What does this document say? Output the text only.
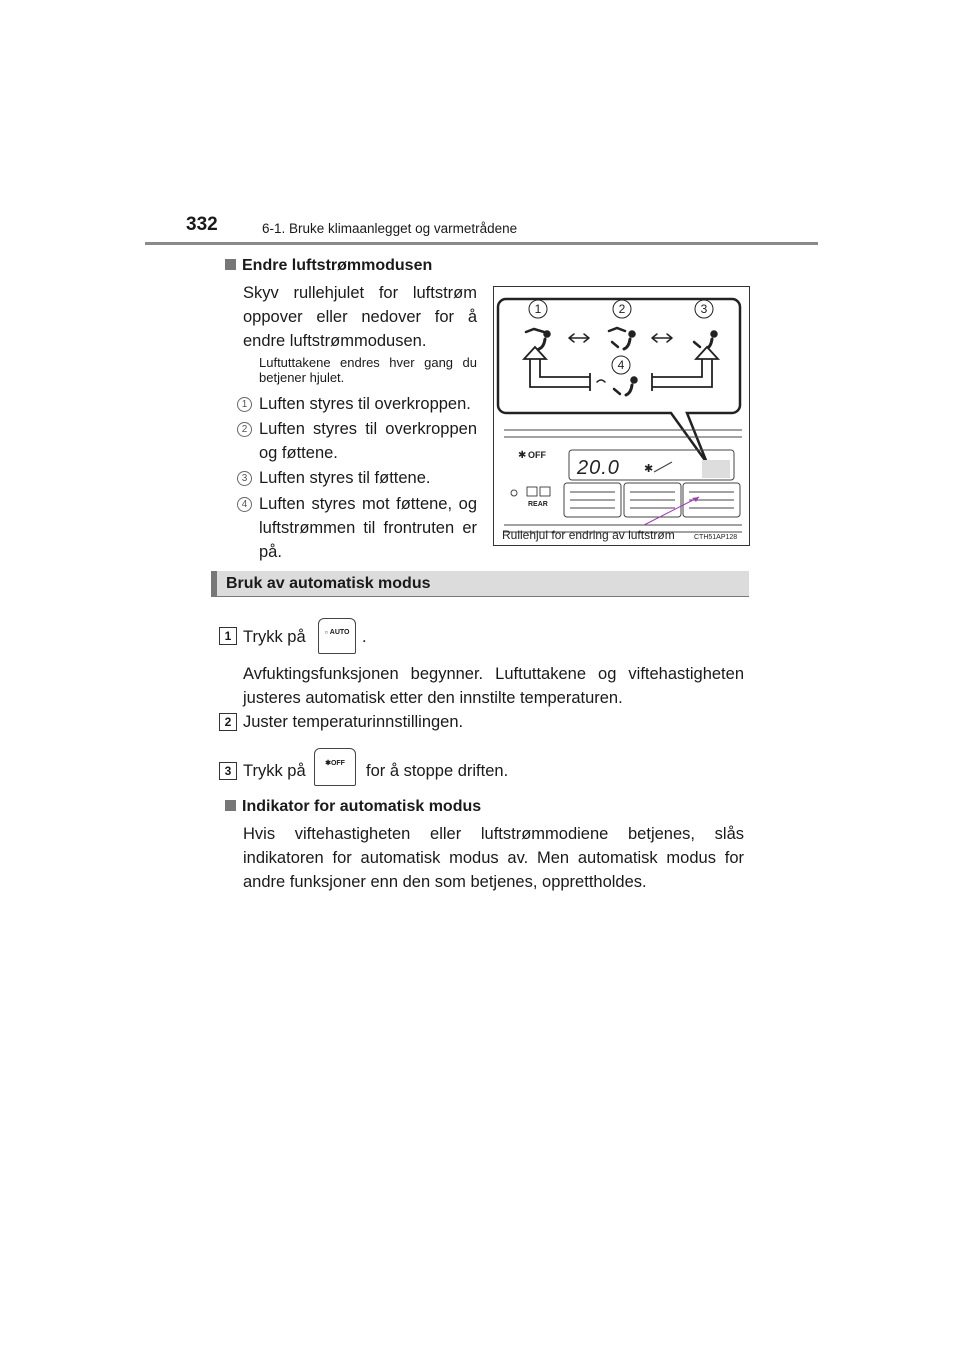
332	6-1. Bruke klimaanlegget og varmetrådene
Endre luftstrømmodusen
Skyv rullehjulet for luftstrøm oppover eller nedover for å endre luftstrømmodusen.
Luftuttakene endres hver gang du betjener hjulet.
1 Luften styres til overkroppen.
2 Luften styres til overkroppen og føttene.
3 Luften styres til føttene.
4 Luften styres mot føttene, og luftstrømmen til frontruten er på.
1	2	3
4
OFF
✱
20.0 ✱
REAR
Rullehjul for endring av luftstrøm	CTH51AP128
Bruk av automatisk modus
1 Trykk på	○ AUTO .
Avfuktingsfunksjonen begynner. Luftuttakene og viftehastigheten justeres automatisk etter den innstilte temperaturen.
2 Juster temperaturinnstillingen.
3 Trykk på	✱OFF	for å stoppe driften.
Indikator for automatisk modus
Hvis viftehastigheten eller luftstrømmodiene betjenes, slås indikatoren for automatisk modus av. Men automatisk modus for andre funksjoner enn den som betjenes, opprettholdes.
